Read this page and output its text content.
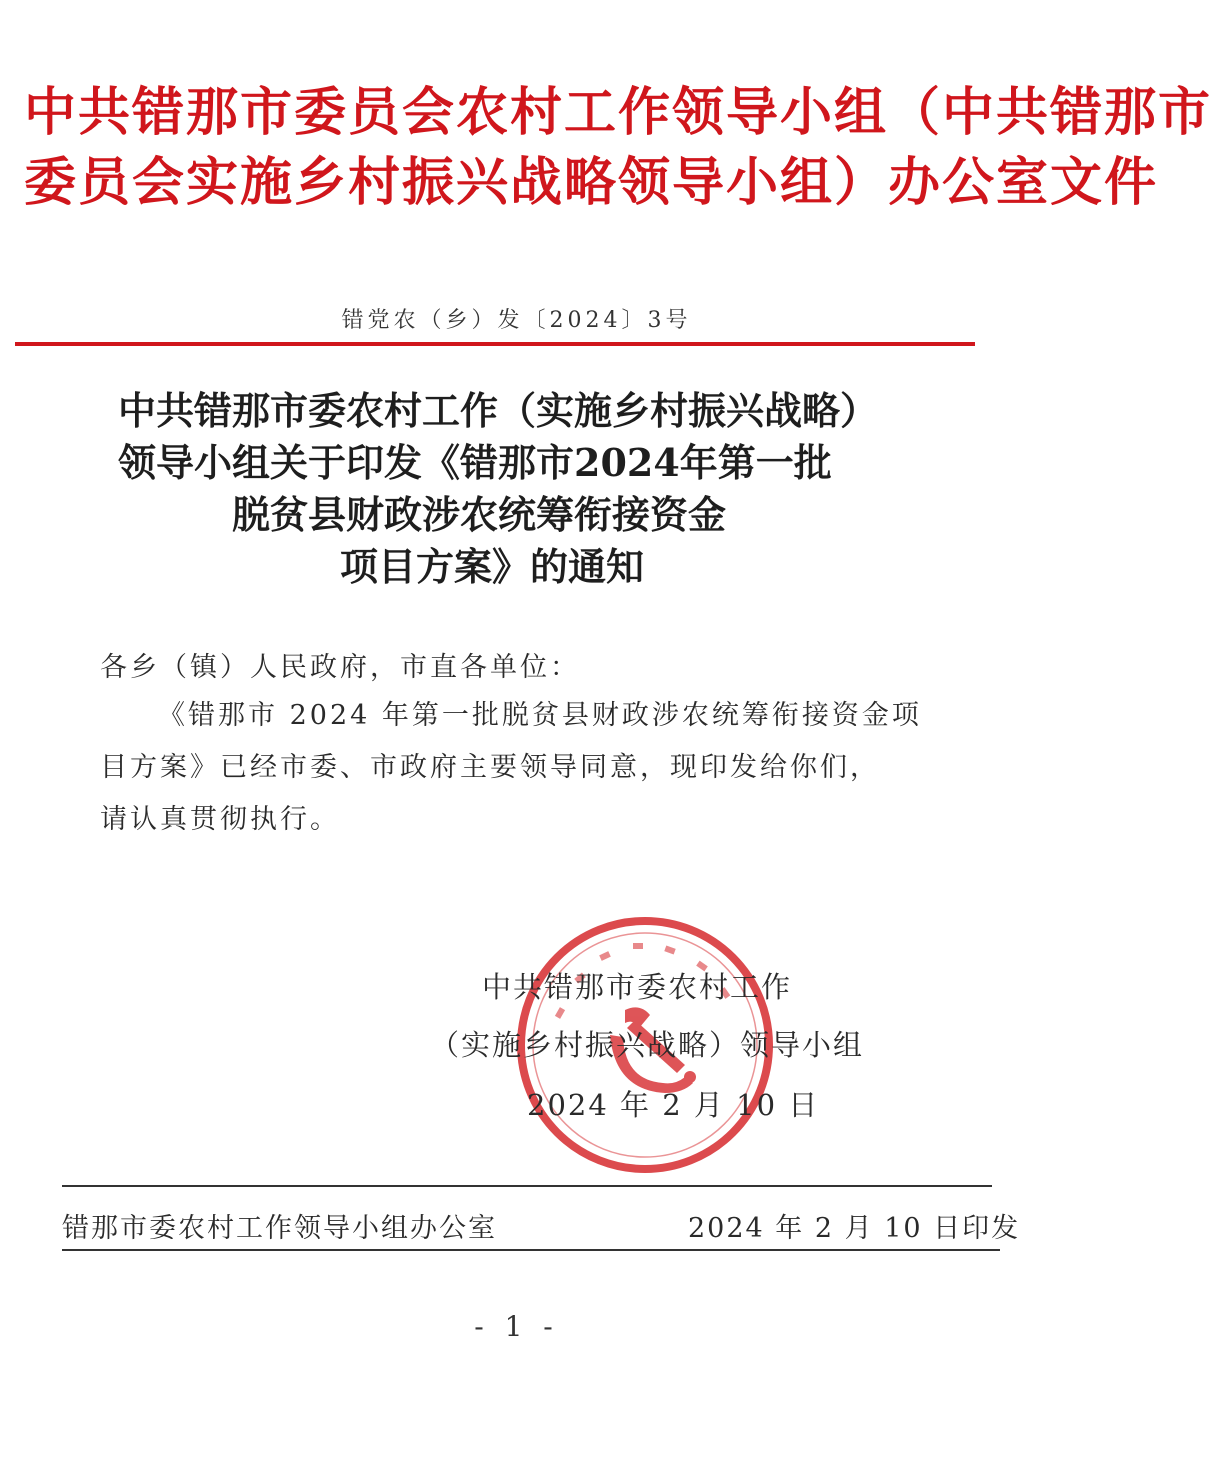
中共错那市委员会农村工作领导小组（中共错那市
委员会实施乡村振兴战略领导小组）办公室文件
错党农（乡）发〔2024〕3号
中共错那市委农村工作（实施乡村振兴战略）
领导小组关于印发《错那市2024年第一批
脱贫县财政涉农统筹衔接资金
项目方案》的通知
各乡（镇）人民政府，市直各单位：
《错那市 2024 年第一批脱贫县财政涉农统筹衔接资金项
目方案》已经市委、市政府主要领导同意，现印发给你们，
请认真贯彻执行。
中共错那市委农村工作
（实施乡村振兴战略）领导小组
2024 年 2 月 10 日
错那市委农村工作领导小组办公室	2024 年 2 月 10 日印发
- 1 -
